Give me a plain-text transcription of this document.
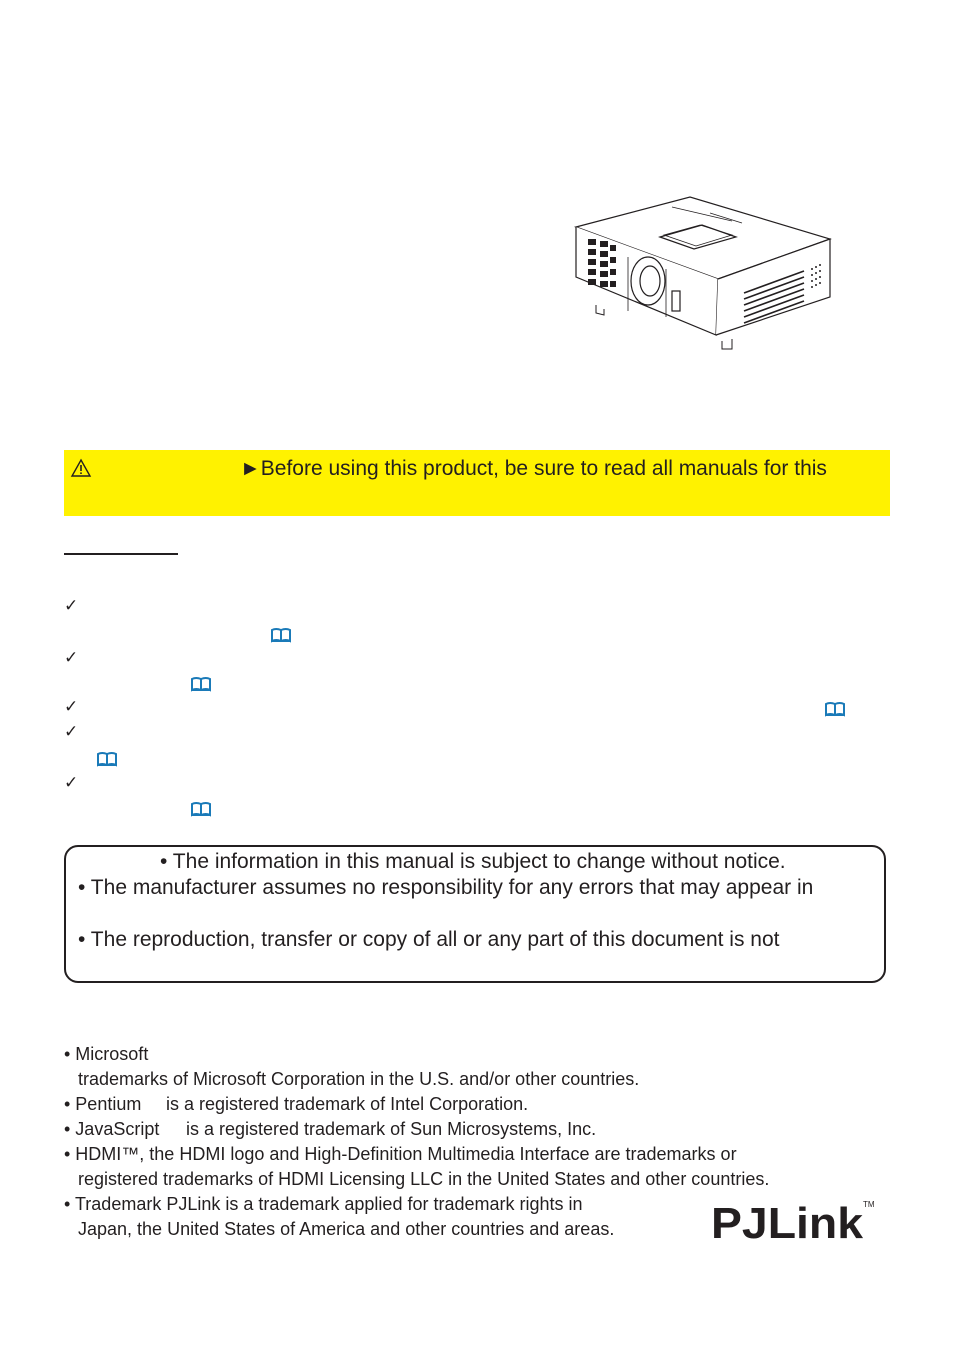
►Before using this product, be sure to read all manuals for this
✓
✓
✓
✓
✓
• The information in this manual is subject to change without notice.
• The manufacturer assumes no responsibility for any errors that may appear in
• The reproduction, transfer or copy of all or any part of this document is not
• Microsoft
trademarks of Microsoft Corporation in the U.S. and/or other countries.
• Pentium is a registered trademark of Intel Corporation.
• JavaScript is a registered trademark of Sun Microsystems, Inc.
• HDMI™, the HDMI logo and High-Definition Multimedia Interface are trademarks or
registered trademarks of HDMI Licensing LLC in the United States and other countries.
• Trademark PJLink is a trademark applied for trademark rights in
Japan, the United States of America and other countries and areas. PJLink TM
